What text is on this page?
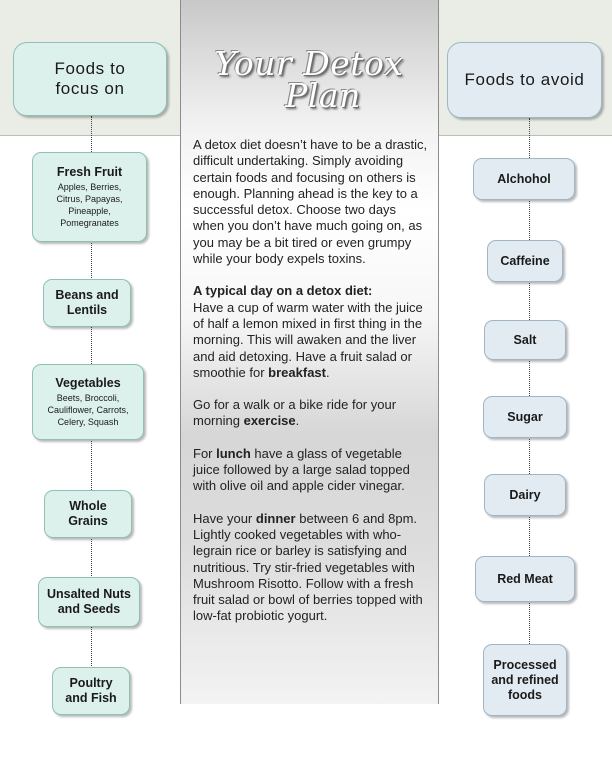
Your Detox
Plan
Foods to
focus on	Foods to avoid
Fresh Fruit
Apples, Berries,
Citrus, Papayas,
Pineapple,
Pomegranates
Beans and
Lentils
Vegetables
Beets, Broccoli,
Cauliflower, Carrots,
Celery, Squash
Whole
Grains
Unsalted Nuts
and Seeds
Poultry
and Fish
Alchohol
Caffeine
Salt
Sugar
Dairy
Red Meat
Processed
and refined
foods

A detox diet doesn’t have to be a drastic, difficult undertaking. Simply avoiding certain foods and focusing on others is enough. Planning ahead is the key to a successful detox. Choose two days when you don’t have much going on, as you may be a bit tired or even grumpy while your body expels toxins.

A typical day on a detox diet:
Have a cup of warm water with the juice of half a lemon mixed in first thing in the morning. This will awaken and the liver and aid detoxing. Have a fruit salad or smoothie for breakfast.

Go for a walk or a bike ride for your morning exercise.

For lunch have a glass of vegetable juice followed by a large salad topped with olive oil and apple cider vinegar.

Have your dinner between 6 and 8pm. Lightly cooked vegetables with wholegrain rice or barley is satisfying and nutritious. Try stir-fried vegetables with Mushroom Risotto. Follow with a fresh fruit salad or bowl of berries topped with low-fat probiotic yogurt.
